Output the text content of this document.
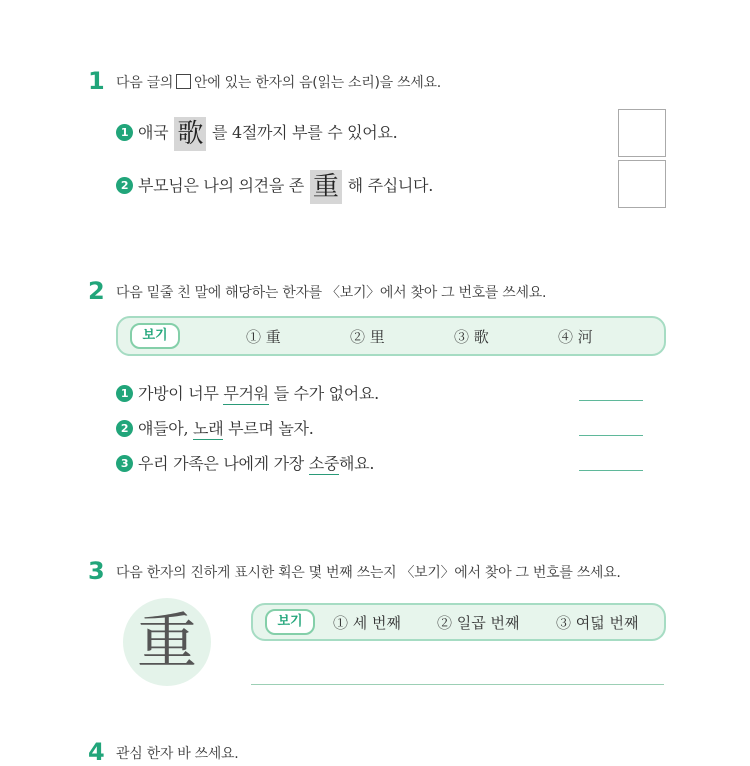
1 다음 글의 안에 있는 한자의 음(읽는 소리)을 쓰세요.
1 애국 歌 를 4절까지 부를 수 있어요.
2 부모님은 나의 의견을 존 重 해 주십니다.
2 다음 밑줄 친 말에 해당하는 한자를 〈보기〉에서 찾아 그 번호를 쓰세요.
보기	① 重	② 里	③ 歌	④ 河
1 가방이 너무 무거워 들 수가 없어요.
2 얘들아, 노래 부르며 놀자.
3 우리 가족은 나에게 가장 소중해요.
3 다음 한자의 진하게 표시한 획은 몇 번째 쓰는지 〈보기〉에서 찾아 그 번호를 쓰세요.
重	보기	① 세 번째 ② 일곱 번째 ③ 여덟 번째
4 관심 한자 바 쓰세요.
